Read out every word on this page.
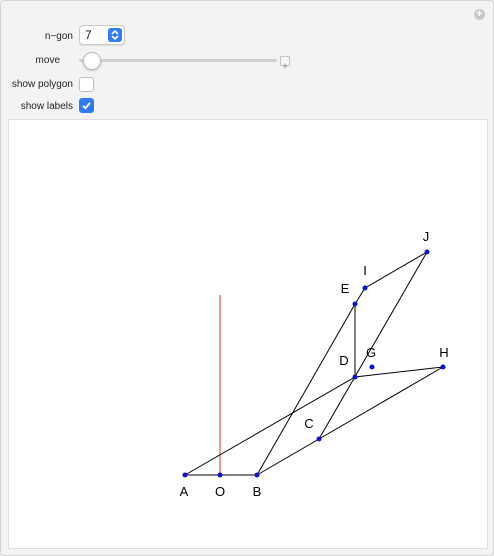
+
n−gon 7
move
show polygon
show labels
A O B
C
D
E
G	H
I
J
